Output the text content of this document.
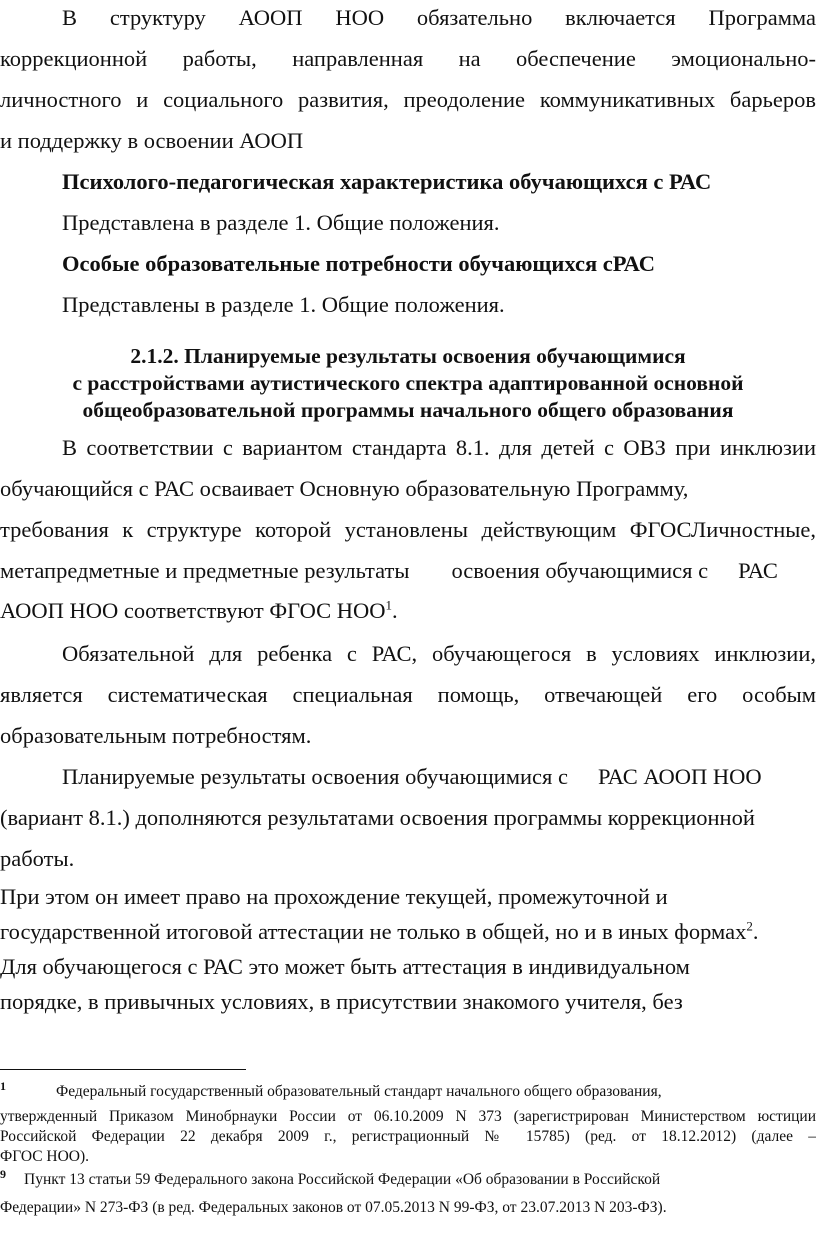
В структуру АООП НОО обязательно включается Программа

коррекционной работы, направленная на обеспечение эмоционально-

личностного и социального развития, преодоление коммуникативных барьеров

и поддержку в освоении АООП

Психолого-педагогическая характеристика обучающихся с РАС

Представлена в разделе 1. Общие положения.

Особые образовательные потребности обучающихся сРАС

Представлены в разделе 1. Общие положения.

2.1.2. Планируемые результаты освоения обучающимися

с расстройствами аутистического спектра адаптированной основной

общеобразовательной программы начального общего образования

В соответствии с вариантом стандарта 8.1. для детей с ОВЗ при инклюзии

обучающийся с РАС осваивает Основную образовательную Программу,

требования к структуре которой установлены действующим ФГОСЛичностные,

метапредметные и предметные результаты освоения обучающимися с РАС

АООП НОО соответствуют ФГОС НОО$^1$.

Обязательной для ребенка с РАС, обучающегося в условиях инклюзии,

является систематическая специальная помощь, отвечающей его особым

образовательным потребностям.

Планируемые результаты освоения обучающимися с РАС АООП НОО

(вариант 8.1.) дополняются результатами освоения программы коррекционной

работы.

При этом он имеет право на прохождение текущей, промежуточной и

государственной итоговой аттестации не только в общей, но и в иных формах$^2$.

Для обучающегося с РАС это может быть аттестация в индивидуальном

порядке, в привычных условиях, в присутствии знакомого учителя, без

1	Федеральный государственный образовательный стандарт начального общего образования,

утвержденный Приказом Минобрнауки России от 06.10.2009 N 373 (зарегистрирован Министерством юстиции

Российской Федерации 22 декабря 2009 г., регистрационный № 15785) (ред. от 18.12.2012) (далее –

ФГОС НОО).

9 Пункт 13 статьи 59 Федерального закона Российской Федерации «Об образовании в Российской

Федерации» N 273-ФЗ (в ред. Федеральных законов от 07.05.2013 N 99-ФЗ, от 23.07.2013 N 203-ФЗ).
